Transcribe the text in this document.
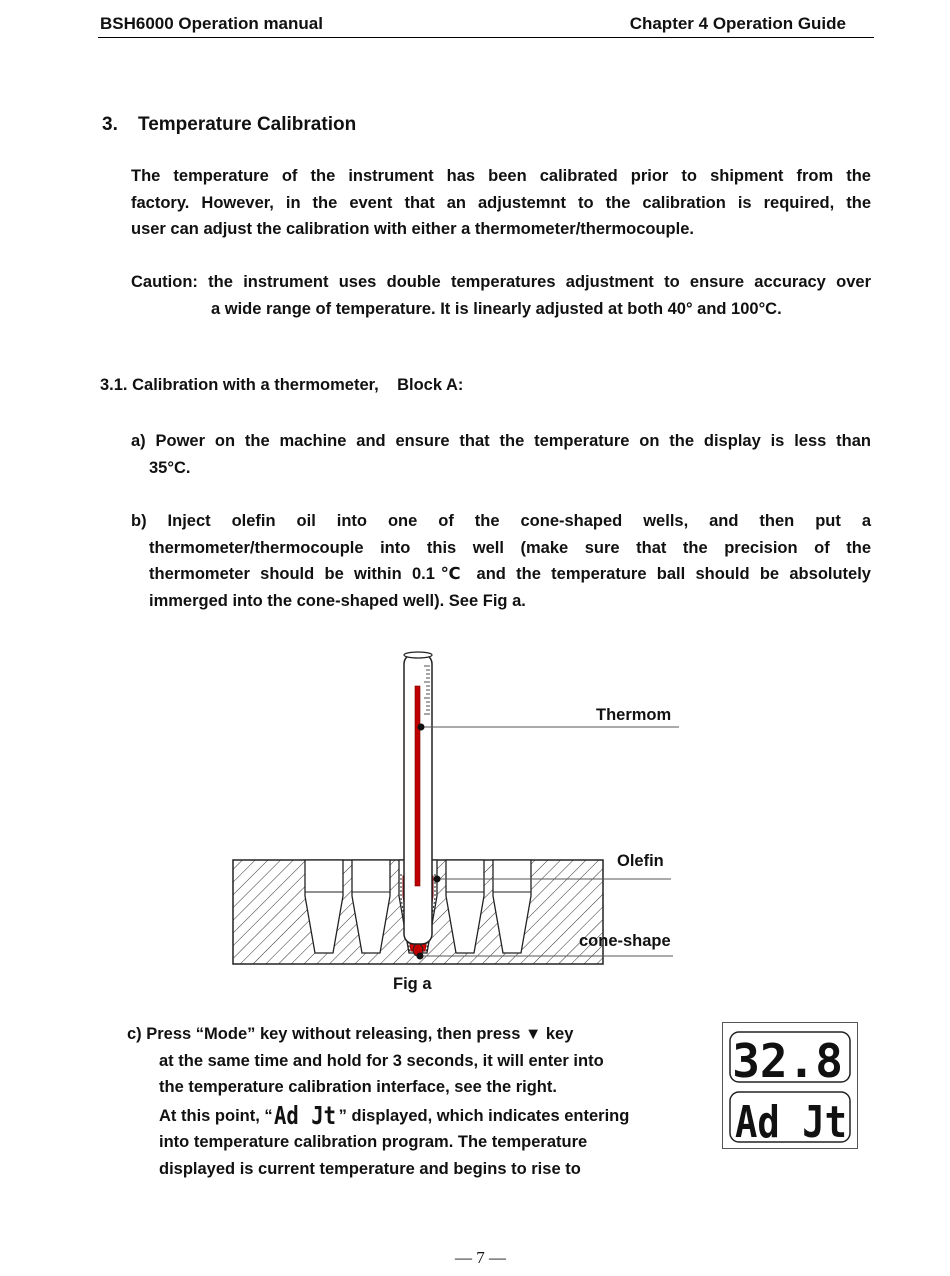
BSH6000 Operation manual	Chapter 4 Operation Guide
3. Temperature Calibration
The temperature of the instrument has been calibrated prior to shipment from the
factory. However, in the event that an adjustemnt to the calibration is required, the
user can adjust the calibration with either a thermometer/thermocouple.
Caution: the instrument uses double temperatures adjustment to ensure accuracy over
a wide range of temperature. It is linearly adjusted at both 40° and 100°C.
3.1. Calibration with a thermometer,    Block A:
a) Power on the machine and ensure that the temperature on the display is less than
35°C.
b) Inject olefin oil into one of the cone-shaped wells, and then put a
thermometer/thermocouple into this well (make sure that the precision of the
thermometer should be within 0.1℃ and the temperature ball should be absolutely
immerged into the cone-shaped well). See Fig a.
Thermom
Olefin
cone-shape
Fig a
c) Press “Mode” key without releasing, then press ▼ key
at the same time and hold for 3 seconds, it will enter into
the temperature calibration interface, see the right.
At this point, “ Ad Jt ” displayed, which indicates entering
into temperature calibration program. The temperature
displayed is current temperature and begins to rise to
32.8
Ad Jt
— 7 —
